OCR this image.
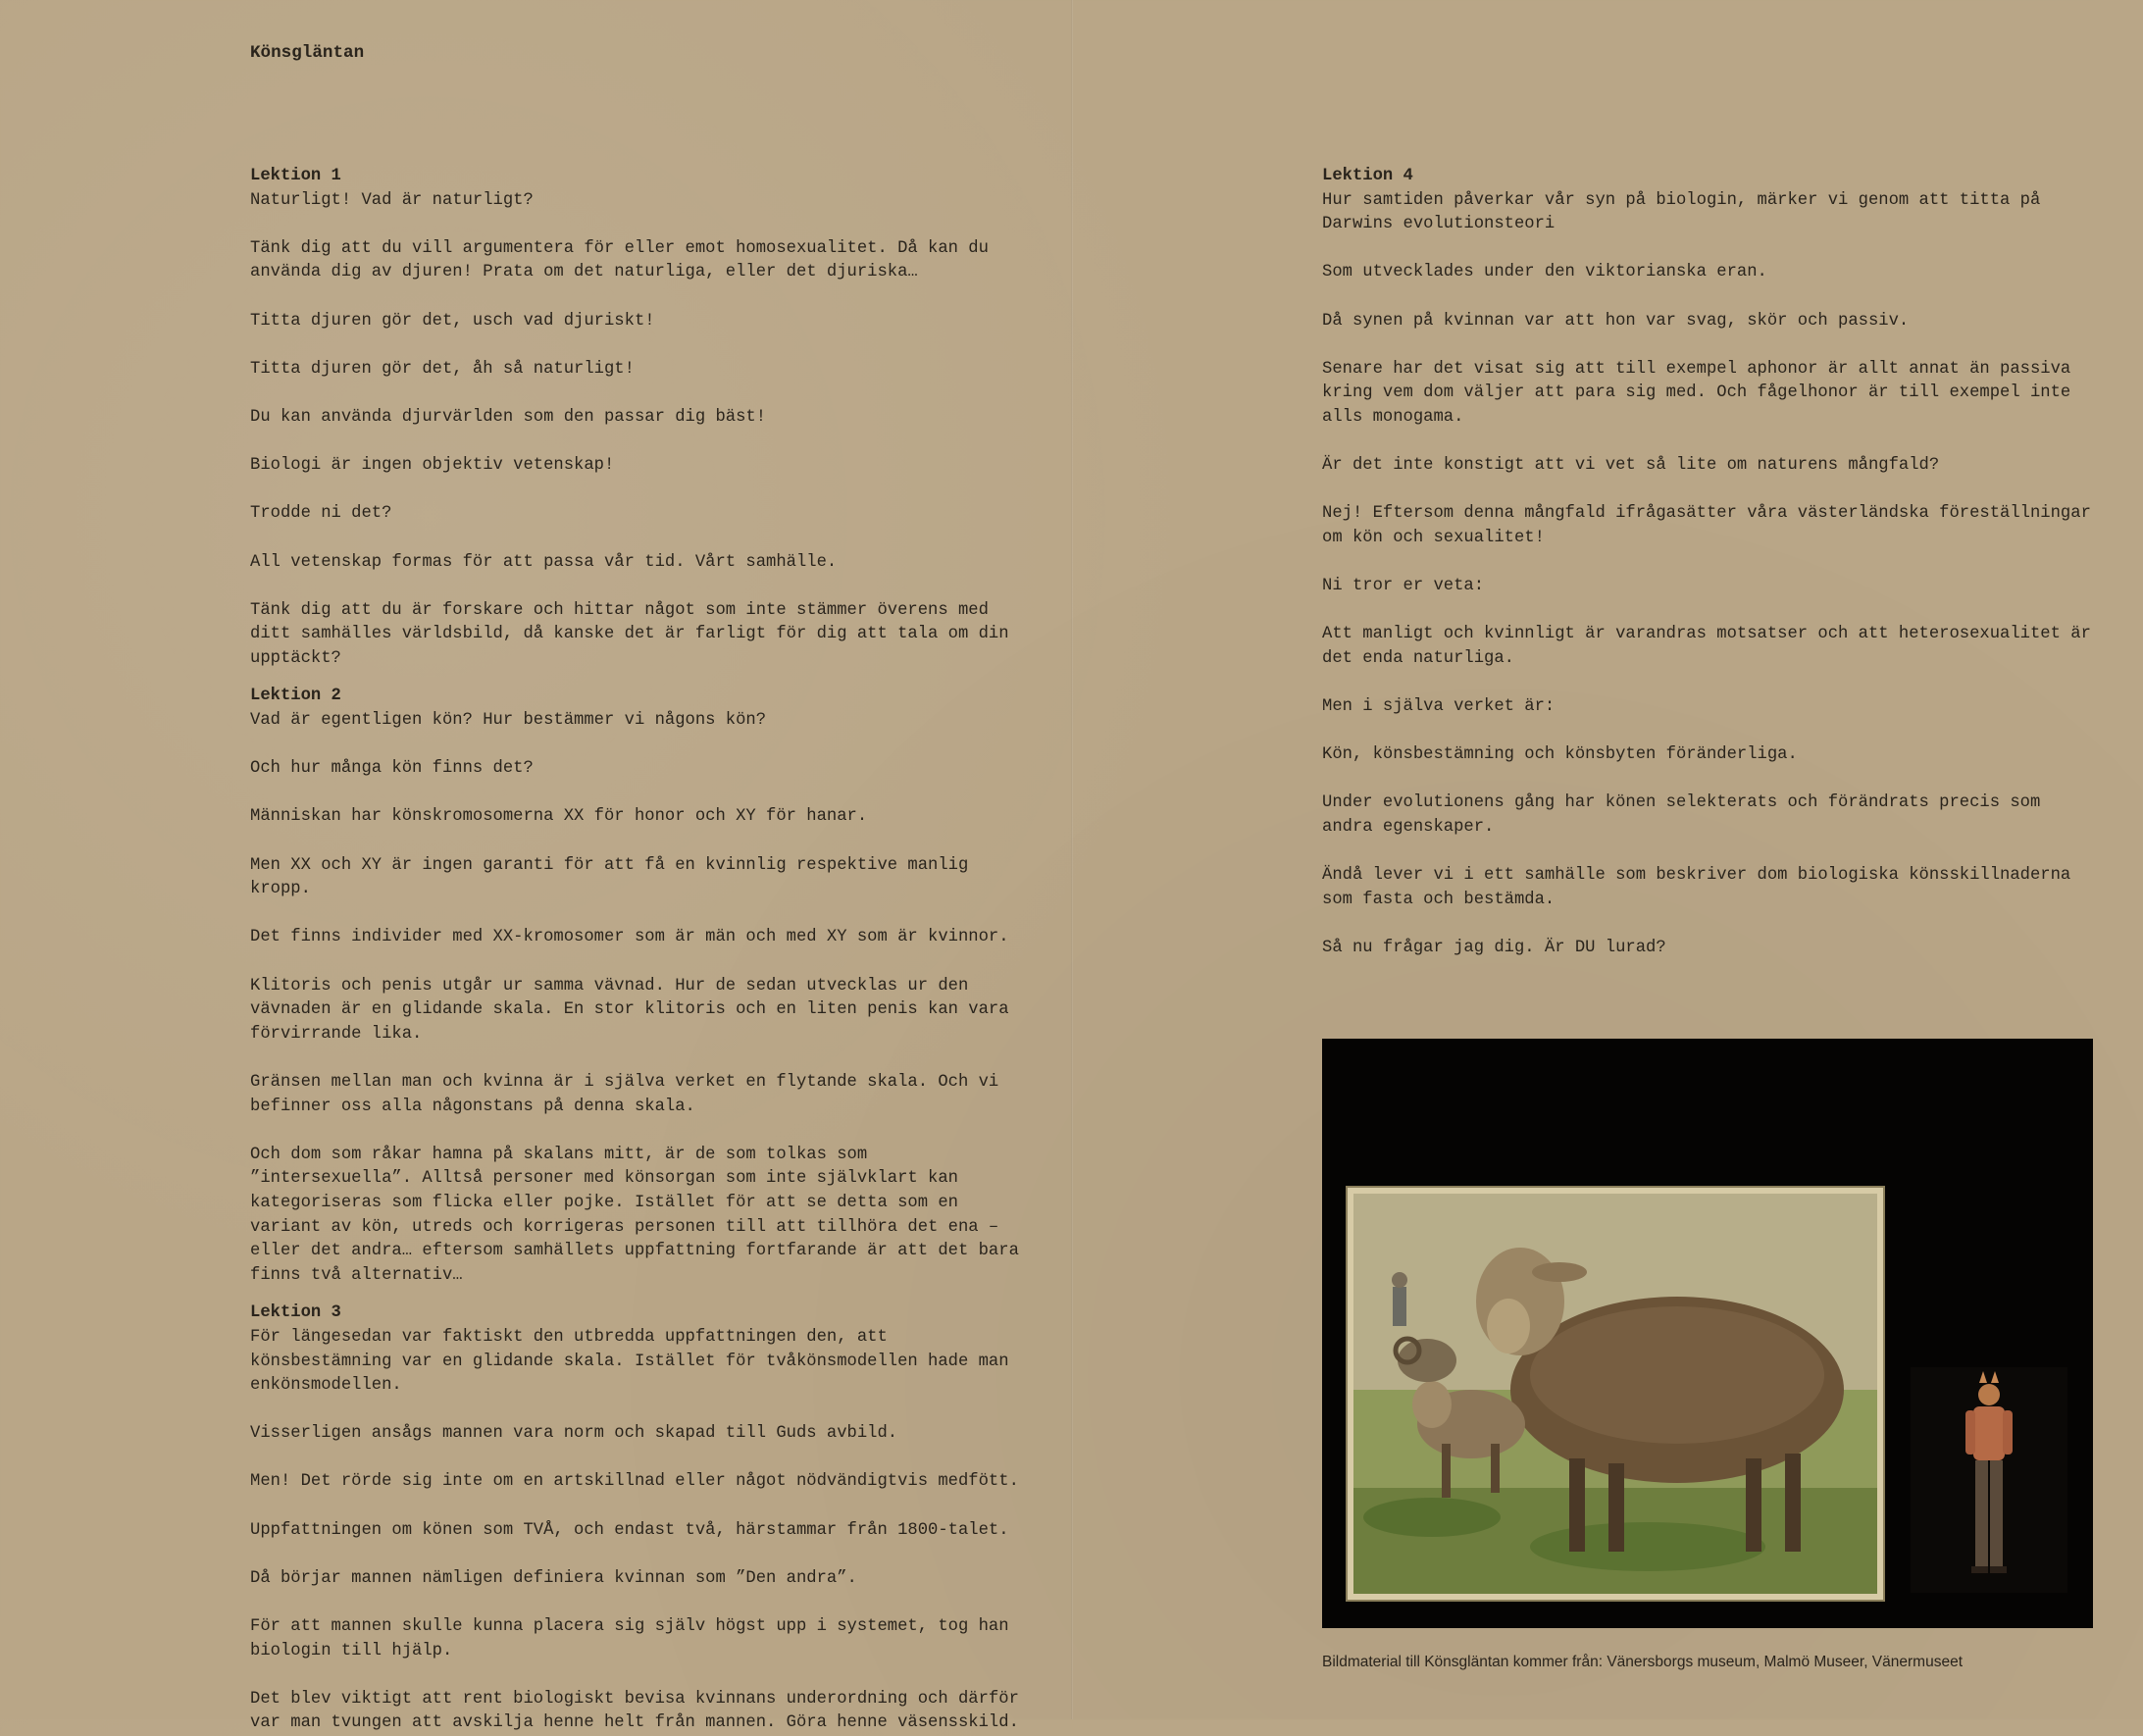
Könsgläntan
Lektion 1

Naturligt! Vad är naturligt?

Tänk dig att du vill argumentera för eller emot homosexualitet. Då kan du använda dig av djuren! Prata om det naturliga, eller det djuriska…

Titta djuren gör det, usch vad djuriskt!

Titta djuren gör det, åh så naturligt!

Du kan använda djurvärlden som den passar dig bäst!

Biologi är ingen objektiv vetenskap!

Trodde ni det?

All vetenskap formas för att passa vår tid. Vårt samhälle.

Tänk dig att du är forskare och hittar något som inte stämmer överens med ditt samhälles världsbild, då kanske det är farligt för dig att tala om din upptäckt?

Lektion 2

Vad är egentligen kön? Hur bestämmer vi någons kön?

Och hur många kön finns det?

Människan har könskromosomerna XX för honor och XY för hanar.

Men XX och XY är ingen garanti för att få en kvinnlig respektive manlig kropp.

Det finns individer med XX-kromosomer som är män och med XY som är kvinnor.

Klitoris och penis utgår ur samma vävnad. Hur de sedan utvecklas ur den vävnaden är en glidande skala. En stor klitoris och en liten penis kan vara förvirrande lika.

Gränsen mellan man och kvinna är i själva verket en flytande skala. Och vi befinner oss alla någonstans på denna skala.

Och dom som råkar hamna på skalans mitt, är de som tolkas som ”intersexuella”. Alltså personer med könsorgan som inte självklart kan kategoriseras som flicka eller pojke. Istället för att se detta som en variant av kön, utreds och korrigeras personen till att tillhöra det ena – eller det andra… eftersom samhällets uppfattning fortfarande är att det bara finns två alternativ…

Lektion 3

För längesedan var faktiskt den utbredda uppfattningen den, att könsbestämning var en glidande skala. Istället för tvåkönsmodellen hade man enkönsmodellen.

Visserligen ansågs mannen vara norm och skapad till Guds avbild.

Men! Det rörde sig inte om en artskillnad eller något nödvändigtvis medfött.

Uppfattningen om könen som TVÅ, och endast två, härstammar från 1800-talet.

Då börjar mannen nämligen definiera kvinnan som ”Den andra”.

För att mannen skulle kunna placera sig själv högst upp i systemet, tog han biologin till hjälp.

Det blev viktigt att rent biologiskt bevisa kvinnans underordning och därför var man tvungen att avskilja henne helt från mannen. Göra henne väsensskild.

Lektion 4

Hur samtiden påverkar vår syn på biologin, märker vi genom att titta på Darwins evolutionsteori

Som utvecklades under den viktorianska eran.

Då synen på kvinnan var att hon var svag, skör och passiv.

Senare har det visat sig att till exempel aphonor är allt annat än passiva kring vem dom väljer att para sig med. Och fågelhonor är till exempel inte alls monogama.

Är det inte konstigt att vi vet så lite om naturens mångfald?

Nej! Eftersom denna mångfald ifrågasätter våra västerländska föreställningar om kön och sexualitet!

Ni tror er veta:

Att manligt och kvinnligt är varandras motsatser och att heterosexualitet är det enda naturliga.

Men i själva verket är:

Kön, könsbestämning och könsbyten föränderliga.

Under evolutionens gång har könen selekterats och förändrats precis som andra egenskaper.

Ändå lever vi i ett samhälle som beskriver dom biologiska könsskillnaderna som fasta och bestämda.

Så nu frågar jag dig. Är DU lurad?

Bildmaterial till Könsgläntan kommer från: Vänersborgs museum, Malmö Museer, Vänermuseet
